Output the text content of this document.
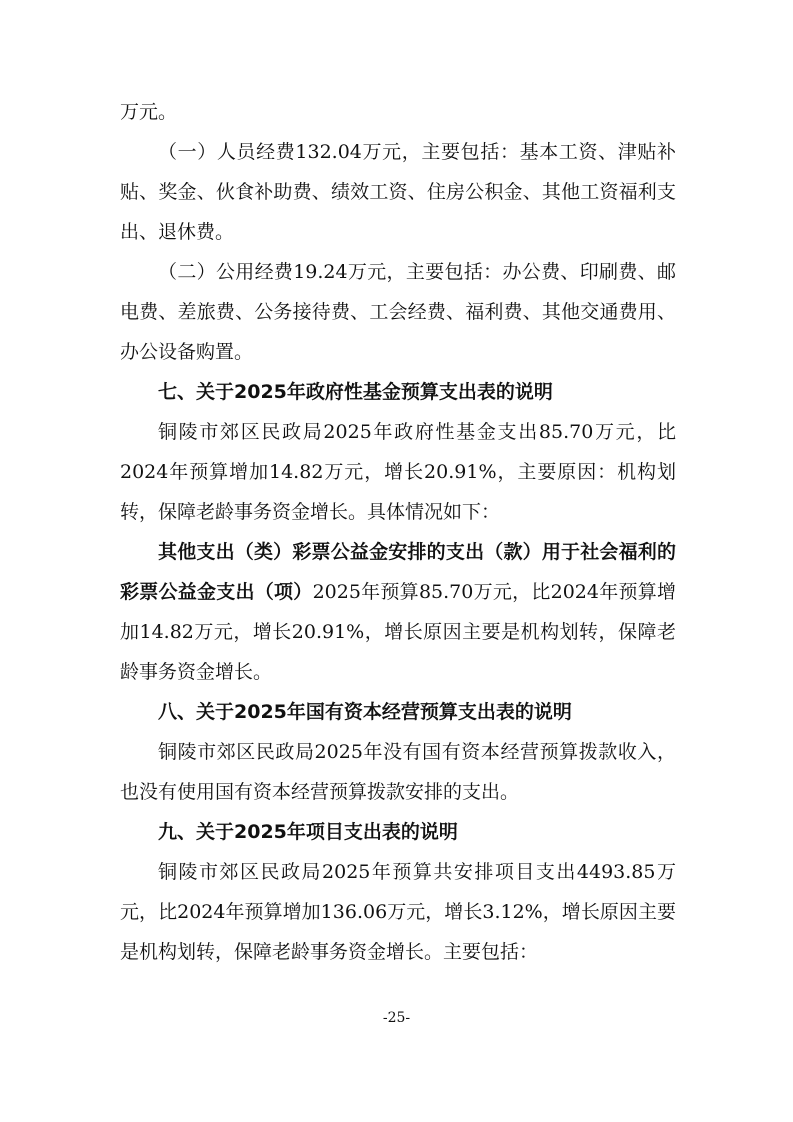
万元。

（一）人员经费132.04万元，主要包括：基本工资、津贴补贴、奖金、伙食补助费、绩效工资、住房公积金、其他工资福利支出、退休费。

（二）公用经费19.24万元，主要包括：办公费、印刷费、邮电费、差旅费、公务接待费、工会经费、福利费、其他交通费用、办公设备购置。

七、关于2025年政府性基金预算支出表的说明

铜陵市郊区民政局2025年政府性基金支出85.70万元，比2024年预算增加14.82万元，增长20.91%，主要原因：机构划转，保障老龄事务资金增长。具体情况如下：

其他支出（类）彩票公益金安排的支出（款）用于社会福利的彩票公益金支出（项）2025年预算85.70万元，比2024年预算增加14.82万元，增长20.91%，增长原因主要是机构划转，保障老龄事务资金增长。

八、关于2025年国有资本经营预算支出表的说明

铜陵市郊区民政局2025年没有国有资本经营预算拨款收入，也没有使用国有资本经营预算拨款安排的支出。

九、关于2025年项目支出表的说明

铜陵市郊区民政局2025年预算共安排项目支出4493.85万元，比2024年预算增加136.06万元，增长3.12%，增长原因主要是机构划转，保障老龄事务资金增长。主要包括：

-25-
